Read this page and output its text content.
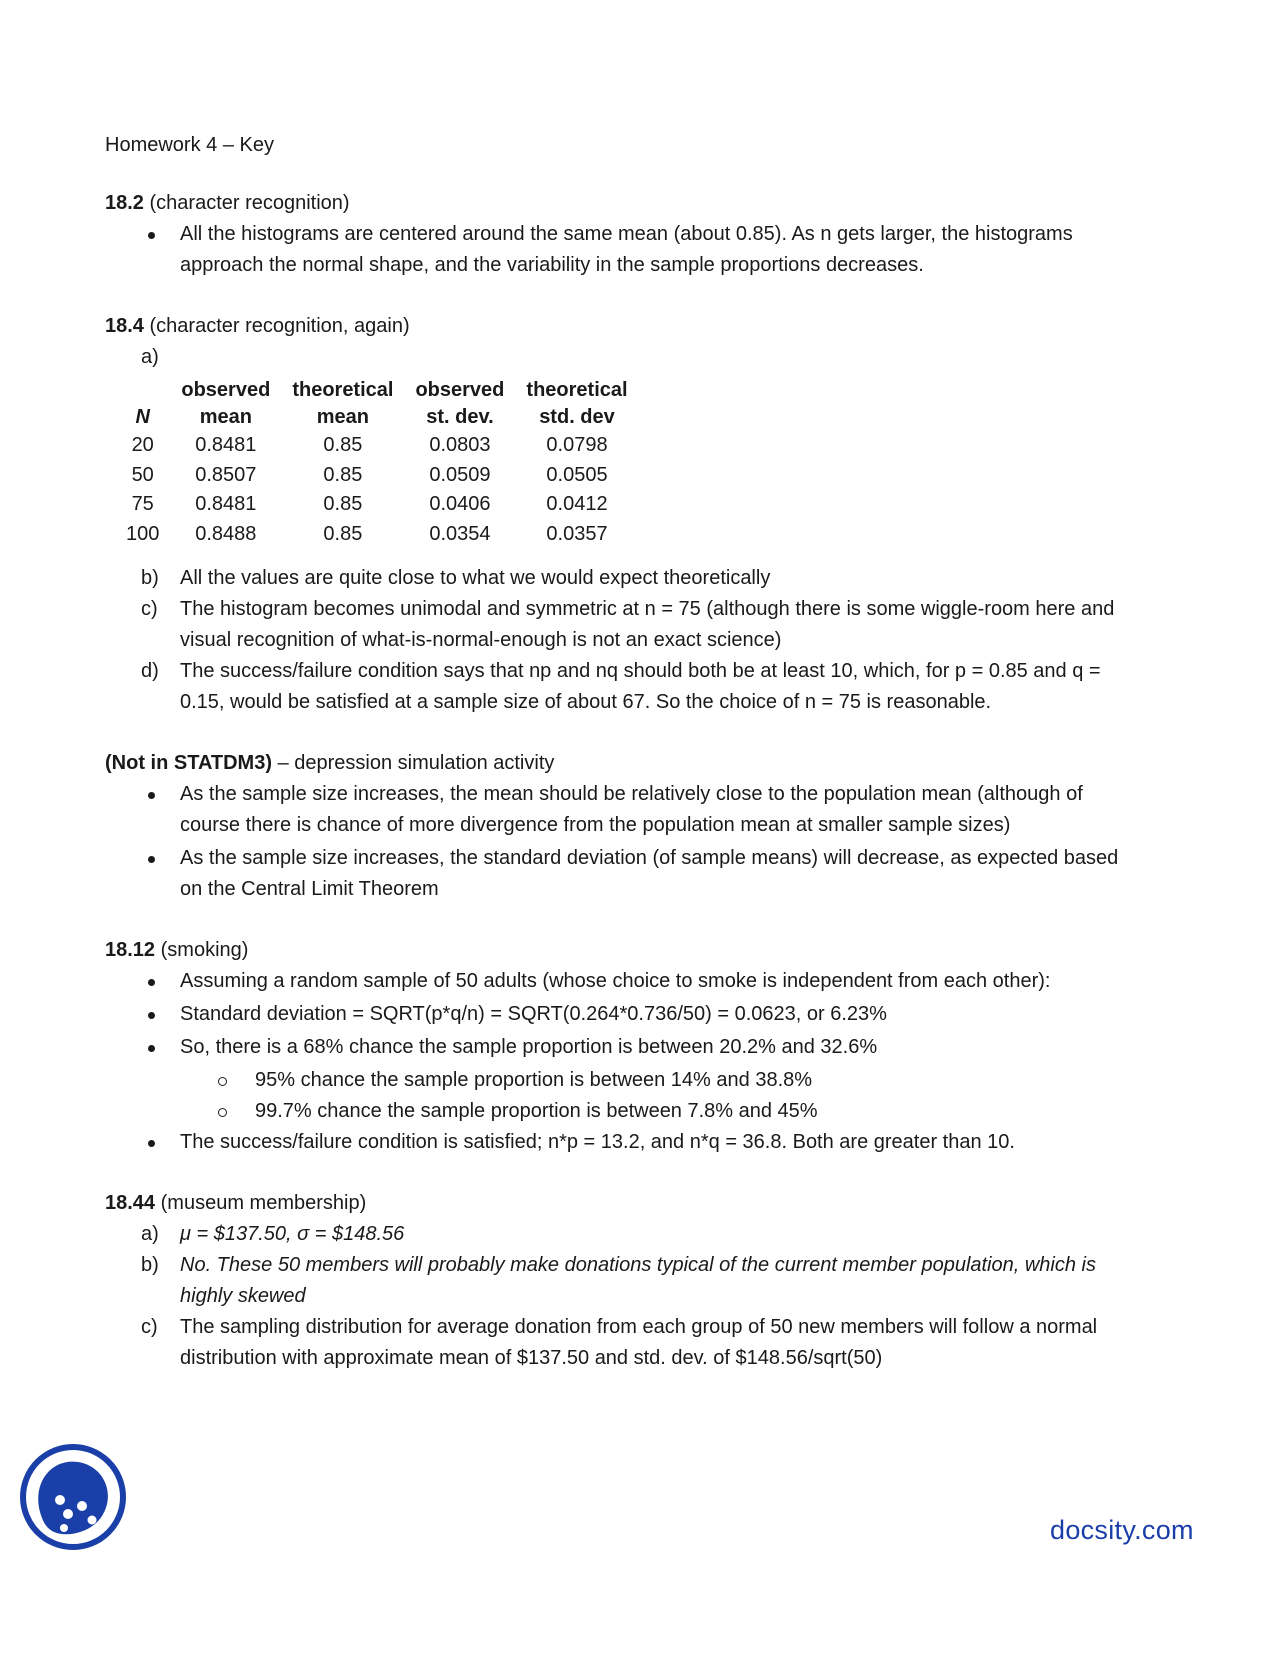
Homework 4 – Key

18.2 (character recognition)

All the histograms are centered around the same mean (about 0.85). As n gets larger, the histograms approach the normal shape, and the variability in the sample proportions decreases.

18.4 (character recognition, again)

a)

	observed	theoretical	observed	theoretical
N	mean	mean	st. dev.	std. dev
20	0.8481	0.85	0.0803	0.0798
50	0.8507	0.85	0.0509	0.0505
75	0.8481	0.85	0.0406	0.0412
100	0.8488	0.85	0.0354	0.0357
b) All the values are quite close to what we would expect theoretically
c) The histogram becomes unimodal and symmetric at n = 75 (although there is some wiggle-room here and visual recognition of what-is-normal-enough is not an exact science)
d) The success/failure condition says that np and nq should both be at least 10, which, for p = 0.85 and q = 0.15, would be satisfied at a sample size of about 67. So the choice of n = 75 is reasonable.

(Not in STATDM3) – depression simulation activity

As the sample size increases, the mean should be relatively close to the population mean (although of course there is chance of more divergence from the population mean at smaller sample sizes)
As the sample size increases, the standard deviation (of sample means) will decrease, as expected based on the Central Limit Theorem

18.12 (smoking)

Assuming a random sample of 50 adults (whose choice to smoke is independent from each other):
Standard deviation = SQRT(p*q/n) = SQRT(0.264*0.736/50) = 0.0623, or 6.23%
So, there is a 68% chance the sample proportion is between 20.2% and 32.6%
95% chance the sample proportion is between 14% and 38.8%
99.7% chance the sample proportion is between 7.8% and 45%
The success/failure condition is satisfied; n*p = 13.2, and n*q = 36.8. Both are greater than 10.

18.44 (museum membership)

a) μ = $137.50, σ = $148.56
b) No. These 50 members will probably make donations typical of the current member population, which is highly skewed
c) The sampling distribution for average donation from each group of 50 new members will follow a normal distribution with approximate mean of $137.50 and std. dev. of $148.56/sqrt(50)
docsity.com
